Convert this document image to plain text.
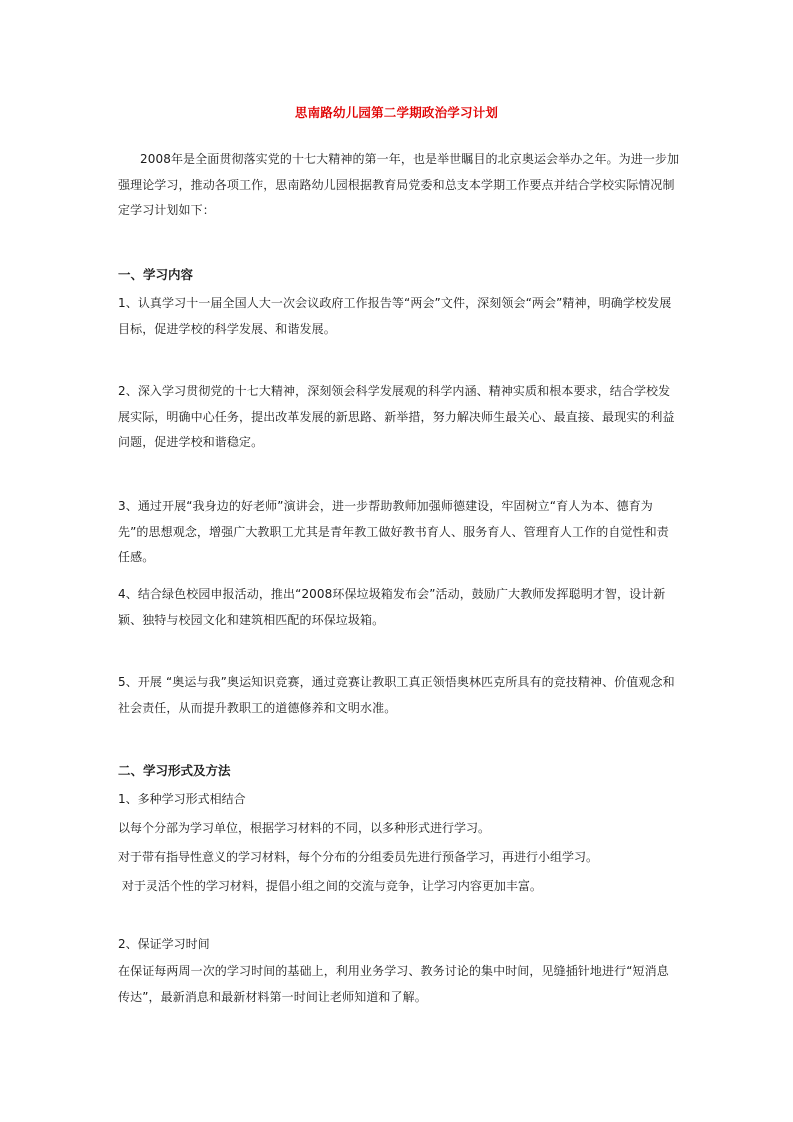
思南路幼儿园第二学期政治学习计划
2008年是全面贯彻落实党的十七大精神的第一年，也是举世瞩目的北京奥运会举办之年。为进一步加强理论学习，推动各项工作，思南路幼儿园根据教育局党委和总支本学期工作要点并结合学校实际情况制定学习计划如下：
一、学习内容
1、认真学习十一届全国人大一次会议政府工作报告等“两会”文件，深刻领会“两会”精神，明确学校发展目标，促进学校的科学发展、和谐发展。
2、深入学习贯彻党的十七大精神，深刻领会科学发展观的科学内涵、精神实质和根本要求，结合学校发展实际，明确中心任务，提出改革发展的新思路、新举措，努力解决师生最关心、最直接、最现实的利益问题，促进学校和谐稳定。
3、通过开展“我身边的好老师”演讲会，进一步帮助教师加强师德建设，牢固树立“育人为本、德育为先”的思想观念，增强广大教职工尤其是青年教工做好教书育人、服务育人、管理育人工作的自觉性和责任感。
4、结合绿色校园申报活动，推出“2008环保垃圾箱发布会”活动，鼓励广大教师发挥聪明才智，设计新颖、独特与校园文化和建筑相匹配的环保垃圾箱。
5、开展 “奥运与我”奥运知识竞赛，通过竞赛让教职工真正领悟奥林匹克所具有的竞技精神、价值观念和社会责任，从而提升教职工的道德修养和文明水准。
二、学习形式及方法
1、多种学习形式相结合
以每个分部为学习单位，根据学习材料的不同，以多种形式进行学习。
对于带有指导性意义的学习材料，每个分布的分组委员先进行预备学习，再进行小组学习。
对于灵活个性的学习材料，提倡小组之间的交流与竞争，让学习内容更加丰富。
2、保证学习时间
在保证每两周一次的学习时间的基础上，利用业务学习、教务讨论的集中时间，见缝插针地进行“短消息传达”，最新消息和最新材料第一时间让老师知道和了解。
